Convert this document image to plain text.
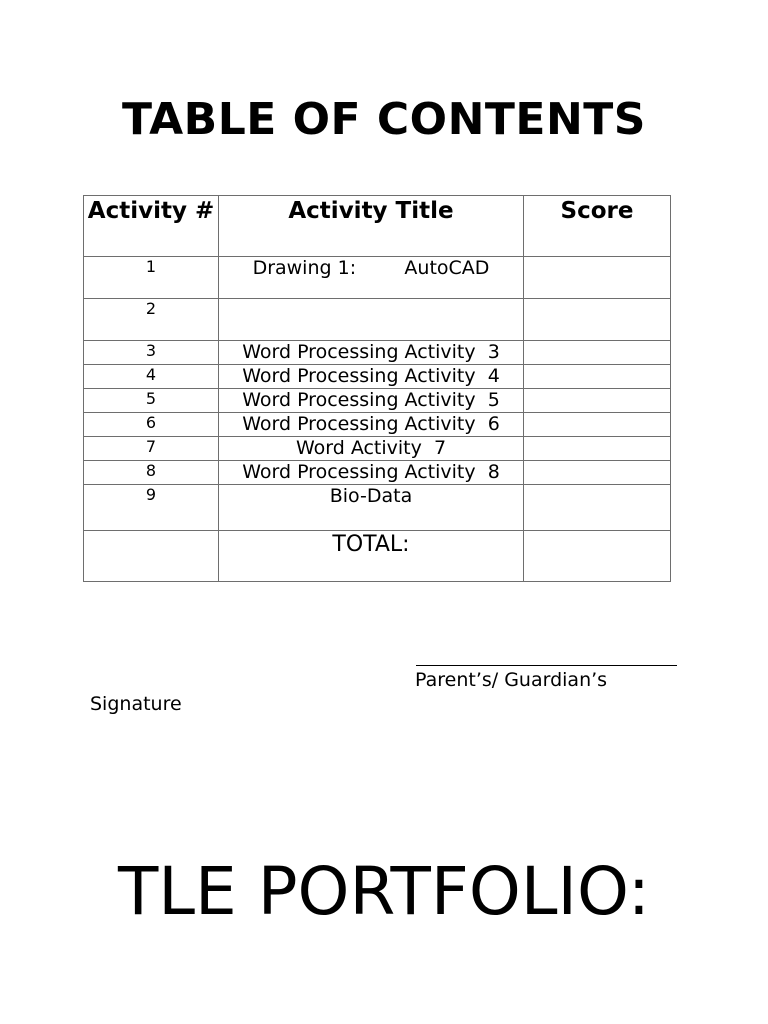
TABLE OF CONTENTS
Activity #	Activity Title	Score
1	Drawing 1:        AutoCAD	
2		
3	Word Processing Activity  3	
4	Word Processing Activity  4	
5	Word Processing Activity  5	
6	Word Processing Activity  6	
7	Word Activity  7	
8	Word Processing Activity  8	
9	Bio-Data	
	TOTAL:	
Parent’s/ Guardian’s
Signature
TLE PORTFOLIO:
